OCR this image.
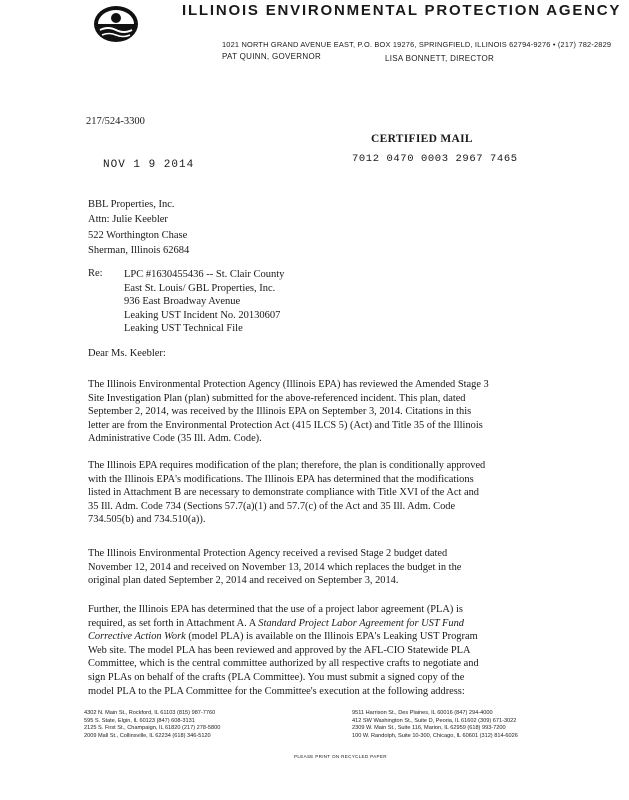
ILLINOIS ENVIRONMENTAL PROTECTION AGENCY
1021 NORTH GRAND AVENUE EAST, P.O. BOX 19276, SPRINGFIELD, ILLINOIS 62794-9276 • (217) 782-2829
PAT QUINN, GOVERNOR	LISA BONNETT, DIRECTOR
217/524-3300
CERTIFIED MAIL
NOV 1 9 2014	7012 0470 0003 2967 7465
BBL Properties, Inc.
Attn: Julie Keebler
522 Worthington Chase
Sherman, Illinois 62684
Re: LPC #1630455436 -- St. Clair County
East St. Louis/ GBL Properties, Inc.
936 East Broadway Avenue
Leaking UST Incident No. 20130607
Leaking UST Technical File
Dear Ms. Keebler:
The Illinois Environmental Protection Agency (Illinois EPA) has reviewed the Amended Stage 3
Site Investigation Plan (plan) submitted for the above-referenced incident. This plan, dated
September 2, 2014, was received by the Illinois EPA on September 3, 2014. Citations in this
letter are from the Environmental Protection Act (415 ILCS 5) (Act) and Title 35 of the Illinois
Administrative Code (35 Ill. Adm. Code).
The Illinois EPA requires modification of the plan; therefore, the plan is conditionally approved
with the Illinois EPA's modifications. The Illinois EPA has determined that the modifications
listed in Attachment B are necessary to demonstrate compliance with Title XVI of the Act and
35 Ill. Adm. Code 734 (Sections 57.7(a)(1) and 57.7(c) of the Act and 35 Ill. Adm. Code
734.505(b) and 734.510(a)).
The Illinois Environmental Protection Agency received a revised Stage 2 budget dated
November 12, 2014 and received on November 13, 2014 which replaces the budget in the
original plan dated September 2, 2014 and received on September 3, 2014.
Further, the Illinois EPA has determined that the use of a project labor agreement (PLA) is
required, as set forth in Attachment A. A Standard Project Labor Agreement for UST Fund
Corrective Action Work (model PLA) is available on the Illinois EPA's Leaking UST Program
Web site. The model PLA has been reviewed and approved by the AFL-CIO Statewide PLA
Committee, which is the central committee authorized by all respective crafts to negotiate and
sign PLAs on behalf of the crafts (PLA Committee). You must submit a signed copy of the
model PLA to the PLA Committee for the Committee's execution at the following address:
4302 N. Main St., Rockford, IL 61103 (815) 987-7760
595 S. State, Elgin, IL 60123 (847) 608-3131
2125 S. First St., Champaign, IL 61820 (217) 278-5800
2009 Mall St., Collinsville, IL 62234 (618) 346-5120
9511 Harrison St., Des Plaines, IL 60016 (847) 294-4000
412 SW Washington St., Suite D, Peoria, IL 61602 (309) 671-3022
2309 W. Main St., Suite 116, Marion, IL 62959 (618) 993-7200
100 W. Randolph, Suite 10-300, Chicago, IL 60601 (312) 814-6026
PLEASE PRINT ON RECYCLED PAPER
